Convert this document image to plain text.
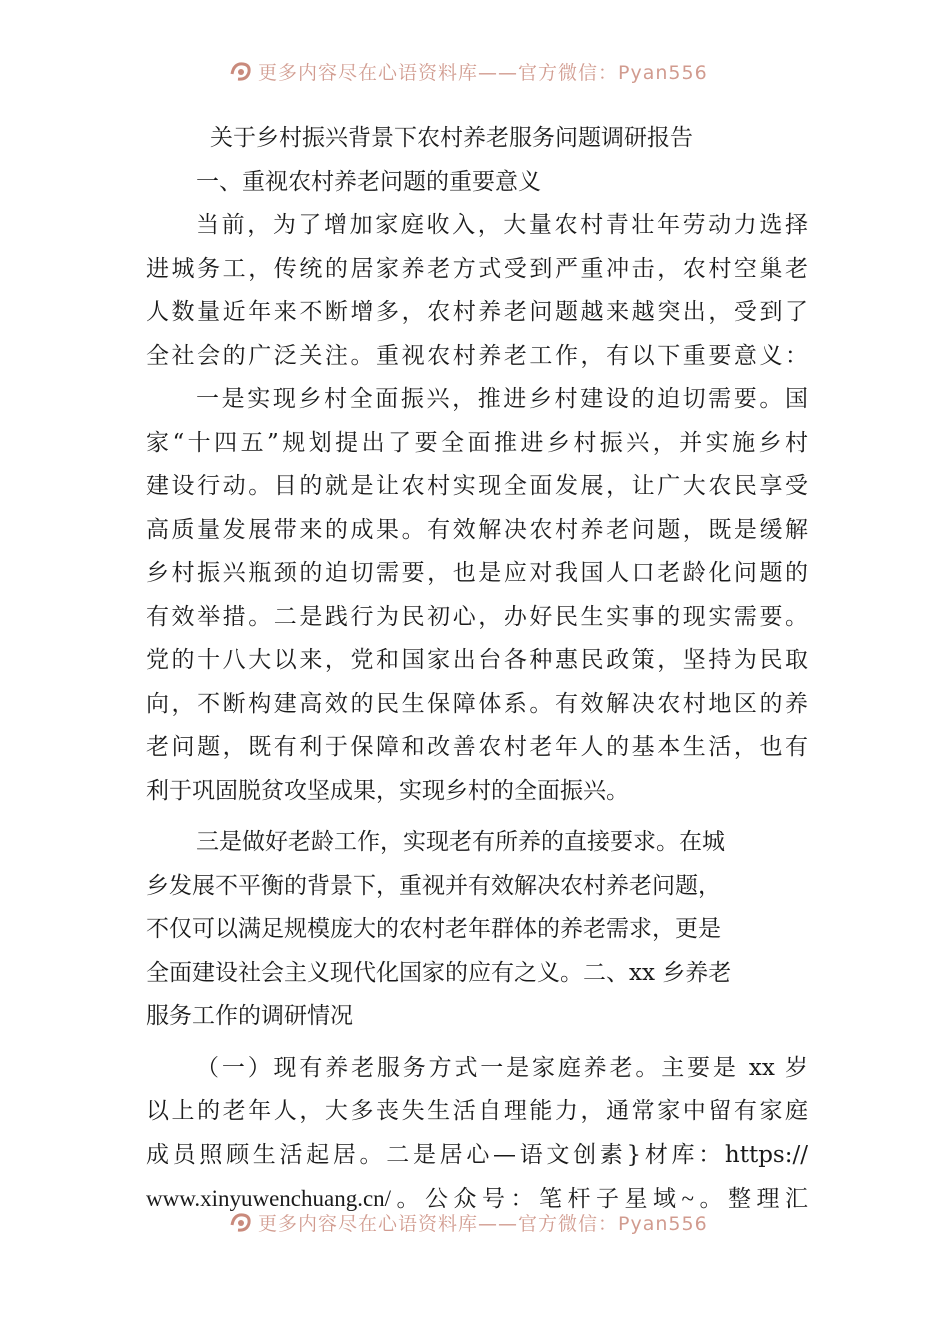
更多内容尽在心语资料库——官方微信：Pyan556
关于乡村振兴背景下农村养老服务问题调研报告
一、重视农村养老问题的重要意义
当前，为了增加家庭收入，大量农村青壮年劳动力选择
进城务工，传统的居家养老方式受到严重冲击，农村空巢老
人数量近年来不断增多，农村养老问题越来越突出，受到了
全社会的广泛关注。重视农村养老工作，有以下重要意义：
一是实现乡村全面振兴，推进乡村建设的迫切需要。国
家“十四五”规划提出了要全面推进乡村振兴，并实施乡村
建设行动。目的就是让农村实现全面发展，让广大农民享受
高质量发展带来的成果。有效解决农村养老问题，既是缓解
乡村振兴瓶颈的迫切需要，也是应对我国人口老龄化问题的
有效举措。二是践行为民初心，办好民生实事的现实需要。
党的十八大以来，党和国家出台各种惠民政策，坚持为民取
向，不断构建高效的民生保障体系。有效解决农村地区的养
老问题，既有利于保障和改善农村老年人的基本生活，也有
利于巩固脱贫攻坚成果，实现乡村的全面振兴。
三是做好老龄工作，实现老有所养的直接要求。在城
乡发展不平衡的背景下，重视并有效解决农村养老问题，
不仅可以满足规模庞大的农村老年群体的养老需求，更是
全面建设社会主义现代化国家的应有之义。二、xx 乡养老
服务工作的调研情况
（一）现有养老服务方式一是家庭养老。主要是 xx 岁
以上的老年人，大多丧失生活自理能力，通常家中留有家庭
成员照顾生活起居。二是居心—语文创素}材库：https://
www.xinyuwenchuang.cn/。公众号：笔杆子星域~。整理汇
更多内容尽在心语资料库——官方微信：Pyan556
